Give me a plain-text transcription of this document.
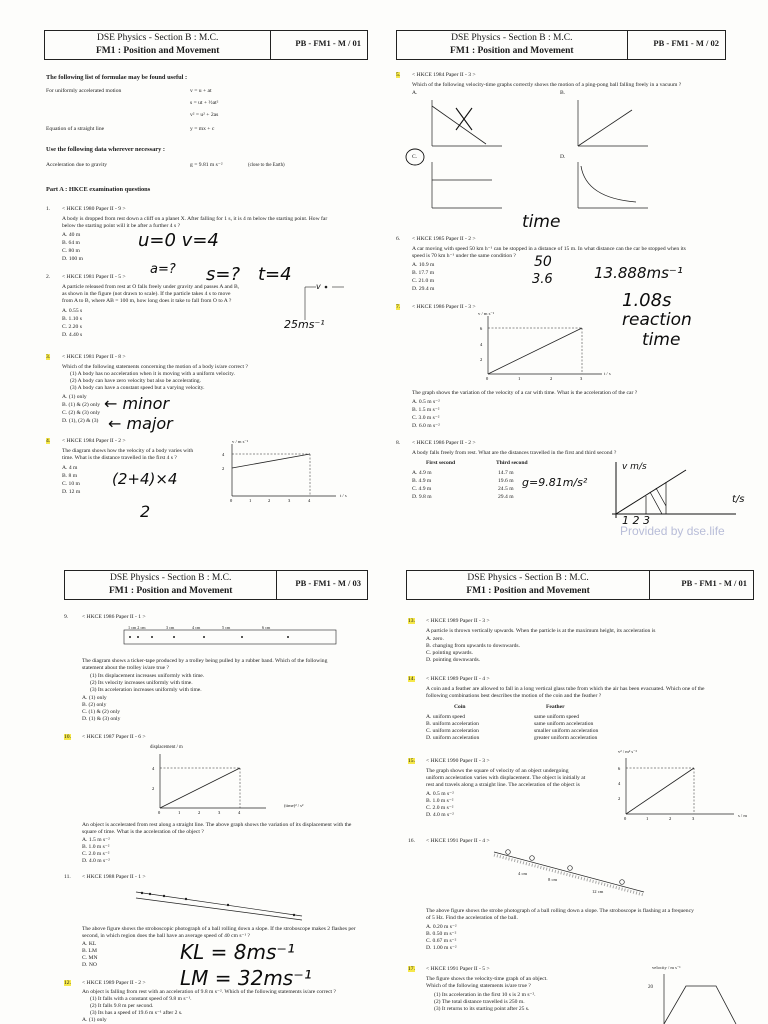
DSE Physics - Section B : M.C.
FM1 : Position and Movement
PB - FM1 - M / 01
The following list of formulae may be found useful :
For uniformly accelerated motion	v = u + at
s = ut + ½at²
v² = u² + 2as
Equation of a straight line	y = mx + c
Use the following data wherever necessary :
Acceleration due to gravity	g = 9.81 m s⁻²	(close to the Earth)
Part A : HKCE examination questions
1. < HKCE 1980 Paper II - 9 >
A body is dropped from rest down a cliff on a planet X. After falling for 1 s, it is 4 m below the starting point. How far
below the starting point will it be after a further 4 s ?
A. 40 m
B. 64 m
C. 80 m
D. 100 m
u=0 v=4
2. < HKCE 1981 Paper II - 5 >
A particle released from rest at O falls freely under gravity and passes A and B,
as shown in the figure (not drawn to scale). If the particle takes 4 s to move
from A to B, where AB = 100 m, how long does it take to fall from O to A ?
A. 0.55 s
B. 1.10 s
C. 2.20 s
D. 4.40 s
a=? s=? t=4
v
25ms⁻¹
3. < HKCE 1981 Paper II - 8 >
Which of the following statements concerning the motion of a body is/are correct ?
(1) A body has no acceleration when it is moving with a uniform velocity.
(2) A body can have zero velocity but also be accelerating.
(3) A body can have a constant speed but a varying velocity.
A. (1) only
B. (1) & (2) only
C. (2) & (3) only
D. (1), (2) & (3)
← minor
← major
4. < HKCE 1984 Paper II - 2 >
The diagram shows how the velocity of a body varies with
time. What is the distance travelled in the first 4 s ?
A. 4 m
B. 8 m
C. 10 m
D. 12 m
(2+4)×4
2
2
4
0	1	2	3	4
v / m s⁻¹
t / s
DSE Physics - Section B : M.C.
FM1 : Position and Movement
PB - FM1 - M / 02
5. < HKCE 1984 Paper II - 3 >
Which of the following velocity-time graphs correctly shows the motion of a ping-pong ball falling freely in a vacuum ?
A.	B.
C.	D.
6. < HKCE 1985 Paper II - 2 >
A car moving with speed 50 km h⁻¹ can be stopped in a distance of 15 m. In what distance can the car be stopped when its
speed is 70 km h⁻¹ under the same condition ?
A. 10.9 m
B. 17.7 m
C. 21.0 m
D. 29.4 m
time
50
3.6	13.888ms⁻¹
7. < HKCE 1986 Paper II - 3 >
v / m s⁻¹
2
4
6
0	1	2	3
t / s
The graph shows the variation of the velocity of a car with time. What is the acceleration of the car ?
A. 0.5 m s⁻²
B. 1.5 m s⁻²
C. 3.0 m s⁻²
D. 6.0 m s⁻²
1.08s
reaction
time
8. < HKCE 1986 Paper II - 2 >
A body falls freely from rest. What are the distances travelled in the first and third second ?
First second	Third second
A. 4.9 m	14.7 m
B. 4.9 m	19.6 m
C. 4.9 m	24.5 m
D. 9.8 m	29.4 m
g=9.81m/s²
v m/s
t/s
1 2 3
DSE Physics - Section B : M.C.
FM1 : Position and Movement
PB - FM1 - M / 03
9. < HKCE 1986 Paper II - 1 >
1 cm 2 cm	3 cm	4 cm	5 cm	6 cm
The diagram shows a ticker-tape produced by a trolley being pulled by a rubber band. Which of the following
statement about the trolley is/are true ?
(1) Its displacement increases uniformly with time.
(2) Its velocity increases uniformly with time.
(3) Its acceleration increases uniformly with time.
A. (1) only
B. (2) only
C. (1) & (2) only
D. (1) & (3) only
10. < HKCE 1987 Paper II - 6 >
displacement / m
2
4
0	1	2	3	4
(time)² / s²
An object is accelerated from rest along a straight line. The above graph shows the variation of its displacement with the
square of time. What is the acceleration of the object ?
A. 1.5 m s⁻²
B. 1.0 m s⁻²
C. 2.0 m s⁻²
D. 4.0 m s⁻²
11. < HKCE 1988 Paper II - 1 >
The above figure shows the stroboscopic photograph of a ball rolling down a slope. If the stroboscope makes 2 flashes per
second, in which region does the ball have an average speed of 40 cm s⁻¹ ?
A. KL
B. LM
C. MN
D. NO
KL = 8ms⁻¹
LM = 32ms⁻¹
12. < HKCE 1989 Paper II - 2 >
An object is falling from rest with an acceleration of 9.8 m s⁻². Which of the following statements is/are correct ?
(1) It falls with a constant speed of 9.8 m s⁻¹.
(2) It falls 9.8 m per second.
(3) Its has a speed of 19.6 m s⁻¹ after 2 s.
A. (1) only
DSE Physics - Section B : M.C.
FM1 : Position and Movement
PB - FM1 - M / 01
13. < HKCE 1989 Paper II - 3 >
A particle is thrown vertically upwards. When the particle is at the maximum height, its acceleration is
A. zero.
B. changing from upwards to downwards.
C. pointing upwards.
D. pointing downwards.
14. < HKCE 1989 Paper II - 4 >
A coin and a feather are allowed to fall in a long vertical glass tube from which the air has been evacuated. Which one of the
following combinations best describes the motion of the coin and the feather ?
Coin	Feather
A. uniform speed	same uniform speed
B. uniform acceleration	same uniform acceleration
C. uniform acceleration	smaller uniform acceleration
D. uniform acceleration	greater uniform acceleration
15. < HKCE 1990 Paper II - 3 >
The graph shows the square of velocity of an object undergoing
uniform acceleration varies with displacement. The object is initially at
rest and travels along a straight line. The acceleration of the object is
A. 0.5 m s⁻²
B. 1.0 m s⁻²
C. 2.0 m s⁻²
D. 4.0 m s⁻²
v² / m² s⁻²
2
4
6
0	1	2	3
s / m
16. < HKCE 1991 Paper II - 4 >
4 cm
8 cm
12 cm
The above figure shows the strobe photograph of a ball rolling down a slope. The stroboscope is flashing at a frequency
of 5 Hz. Find the acceleration of the ball.
A. 0.20 m s⁻²
B. 0.50 m s⁻²
C. 0.67 m s⁻²
D. 1.00 m s⁻²
17. < HKCE 1991 Paper II - 5 >
The figure shows the velocity-time graph of an object.
Which of the following statements is/are true ?
(1) Its acceleration in the first 10 s is 2 m s⁻².
(2) The total distance travelled is 250 m.
(3) It returns to its starting point after 25 s.
velocity / m s⁻¹
20
Provided by dse.life
